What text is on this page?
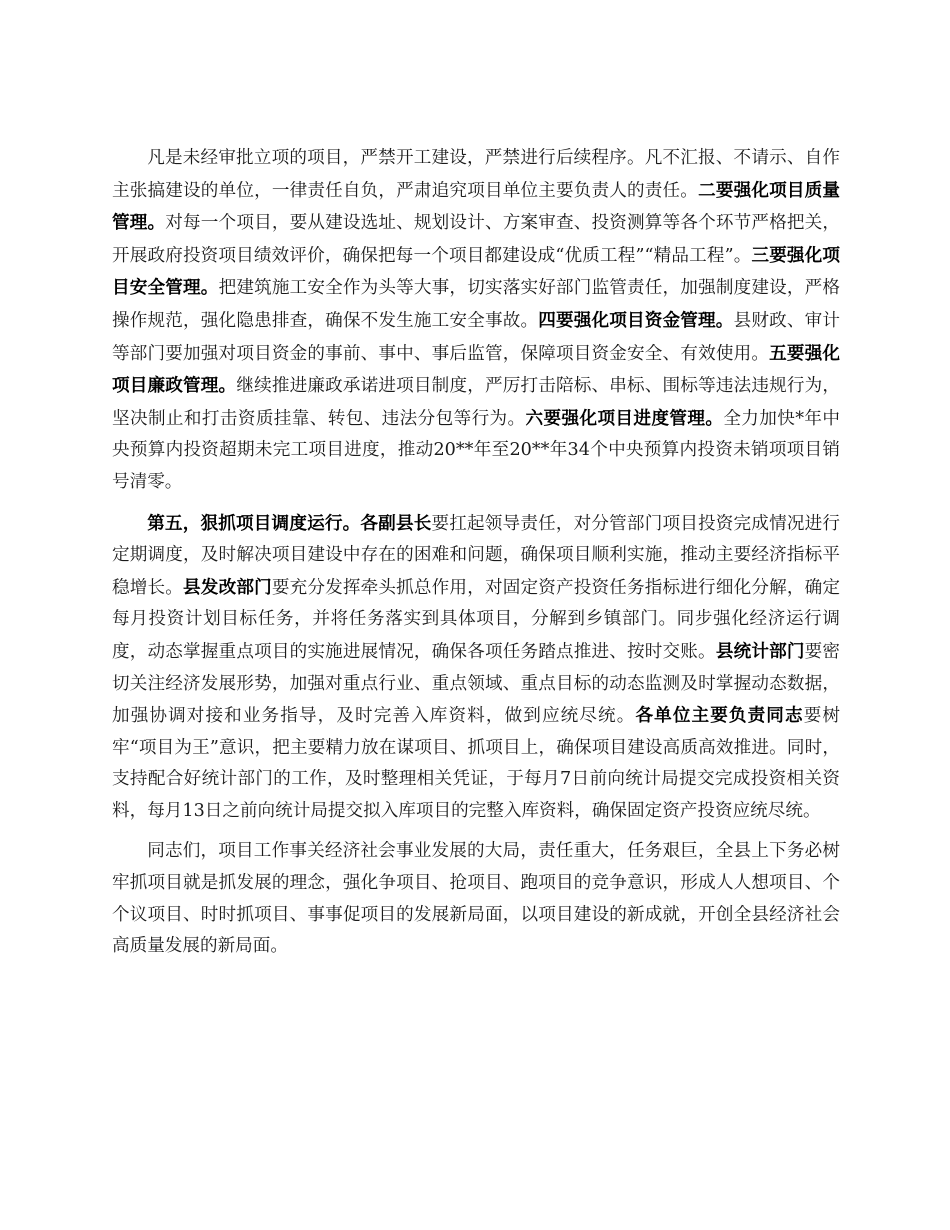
凡是未经审批立项的项目，严禁开工建设，严禁进行后续程序。凡不汇报、不请示、自作主张搞建设的单位，一律责任自负，严肃追究项目单位主要负责人的责任。二要强化项目质量管理。对每一个项目，要从建设选址、规划设计、方案审查、投资测算等各个环节严格把关，开展政府投资项目绩效评价，确保把每一个项目都建设成“优质工程”“精品工程”。三要强化项目安全管理。把建筑施工安全作为头等大事，切实落实好部门监管责任，加强制度建设，严格操作规范，强化隐患排查，确保不发生施工安全事故。四要强化项目资金管理。县财政、审计等部门要加强对项目资金的事前、事中、事后监管，保障项目资金安全、有效使用。五要强化项目廉政管理。继续推进廉政承诺进项目制度，严厉打击陪标、串标、围标等违法违规行为，坚决制止和打击资质挂靠、转包、违法分包等行为。六要强化项目进度管理。全力加快*年中央预算内投资超期未完工项目进度，推动20**年至20**年34个中央预算内投资未销项项目销号清零。

第五，狠抓项目调度运行。各副县长要扛起领导责任，对分管部门项目投资完成情况进行定期调度，及时解决项目建设中存在的困难和问题，确保项目顺利实施，推动主要经济指标平稳增长。县发改部门要充分发挥牵头抓总作用，对固定资产投资任务指标进行细化分解，确定每月投资计划目标任务，并将任务落实到具体项目，分解到乡镇部门。同步强化经济运行调度，动态掌握重点项目的实施进展情况，确保各项任务踏点推进、按时交账。县统计部门要密切关注经济发展形势，加强对重点行业、重点领域、重点目标的动态监测及时掌握动态数据，加强协调对接和业务指导，及时完善入库资料，做到应统尽统。各单位主要负责同志要树牢“项目为王”意识，把主要精力放在谋项目、抓项目上，确保项目建设高质高效推进。同时，支持配合好统计部门的工作，及时整理相关凭证，于每月7日前向统计局提交完成投资相关资料，每月13日之前向统计局提交拟入库项目的完整入库资料，确保固定资产投资应统尽统。

同志们，项目工作事关经济社会事业发展的大局，责任重大，任务艰巨，全县上下务必树牢抓项目就是抓发展的理念，强化争项目、抢项目、跑项目的竞争意识，形成人人想项目、个个议项目、时时抓项目、事事促项目的发展新局面，以项目建设的新成就，开创全县经济社会高质量发展的新局面。
